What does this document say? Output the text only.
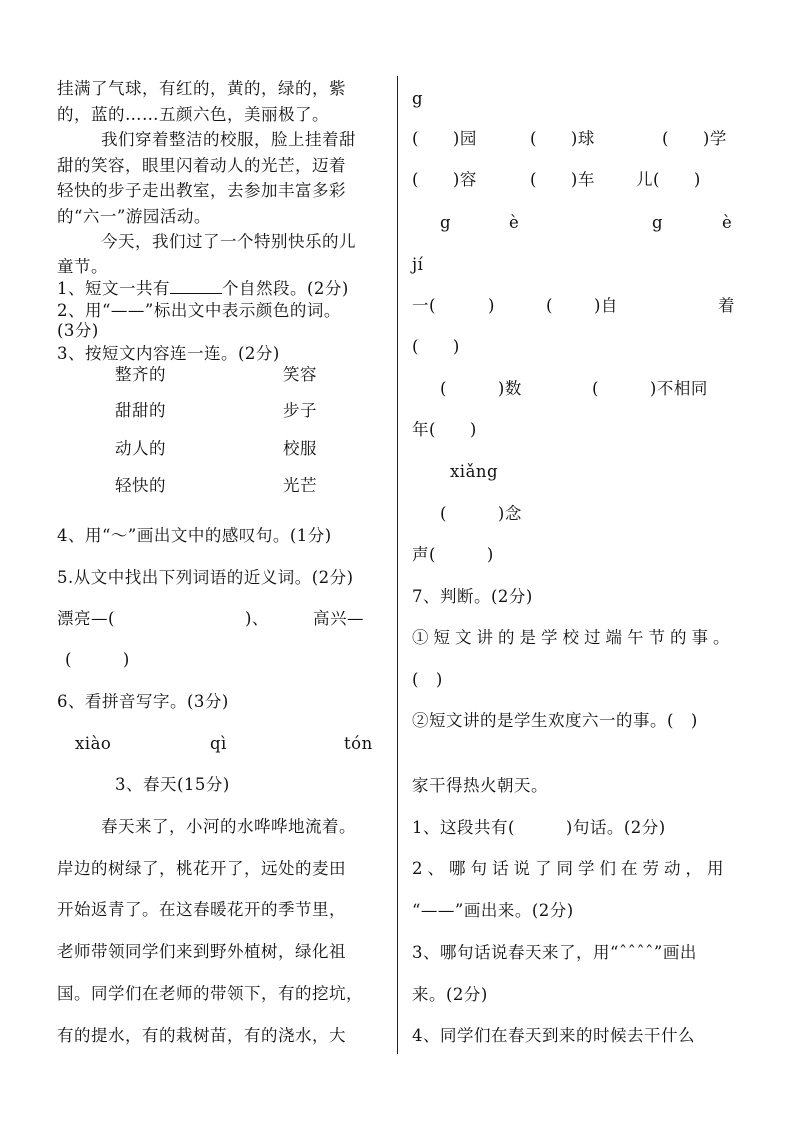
挂满了气球，有红的，黄的，绿的，紫
的，蓝的……五颜六色，美丽极了。
我们穿着整洁的校服，脸上挂着甜
甜的笑容，眼里闪着动人的光芒，迈着
轻快的步子走出教室，去参加丰富多彩
的“六一”游园活动。
今天，我们过了一个特别快乐的儿
童节。
1、短文一共有	个自然段。(2分)
2、用“——”标出文中表示颜色的词。
(3分)
3、按短文内容连一连。(2分)
整齐的	笑容
甜甜的	步子
动人的	校服
轻快的	光芒
4、用“～”画出文中的感叹句。(1分)
5.从文中找出下列词语的近义词。(2分)
漂亮—(	)、	高兴—
(　　　)
6、看拼音写字。(3分)
xiào	qì	tón
3、春天(15分)
春天来了，小河的水哗哗地流着。
岸边的树绿了，桃花开了，远处的麦田
开始返青了。在这春暖花开的季节里，
老师带领同学们来到野外植树，绿化祖
国。同学们在老师的带领下，有的挖坑，
有的提水，有的栽树苗，有的浇水，大
g
(　　)园	(　　)球	(　　)学
(　　)容	(　　)车 儿(　　)
g	è	g	è
jí
一(	)	( )自	着
(　　)
(　　　)数	(　　　)不相同
年(　　)
xiǎng
(　　　)念
声(　　　)
7、判断。(2分)
①短文讲的是学校过端午节的事。
(　)
②短文讲的是学生欢度六一的事。(　)
家干得热火朝天。
1、这段共有(　　　)句话。(2分)
2、哪句话说了同学们在劳动，用
“——”画出来。(2分)
3、哪句话说春天来了，用“ˆˆˆˆ”画出
来。(2分)
4、同学们在春天到来的时候去干什么
